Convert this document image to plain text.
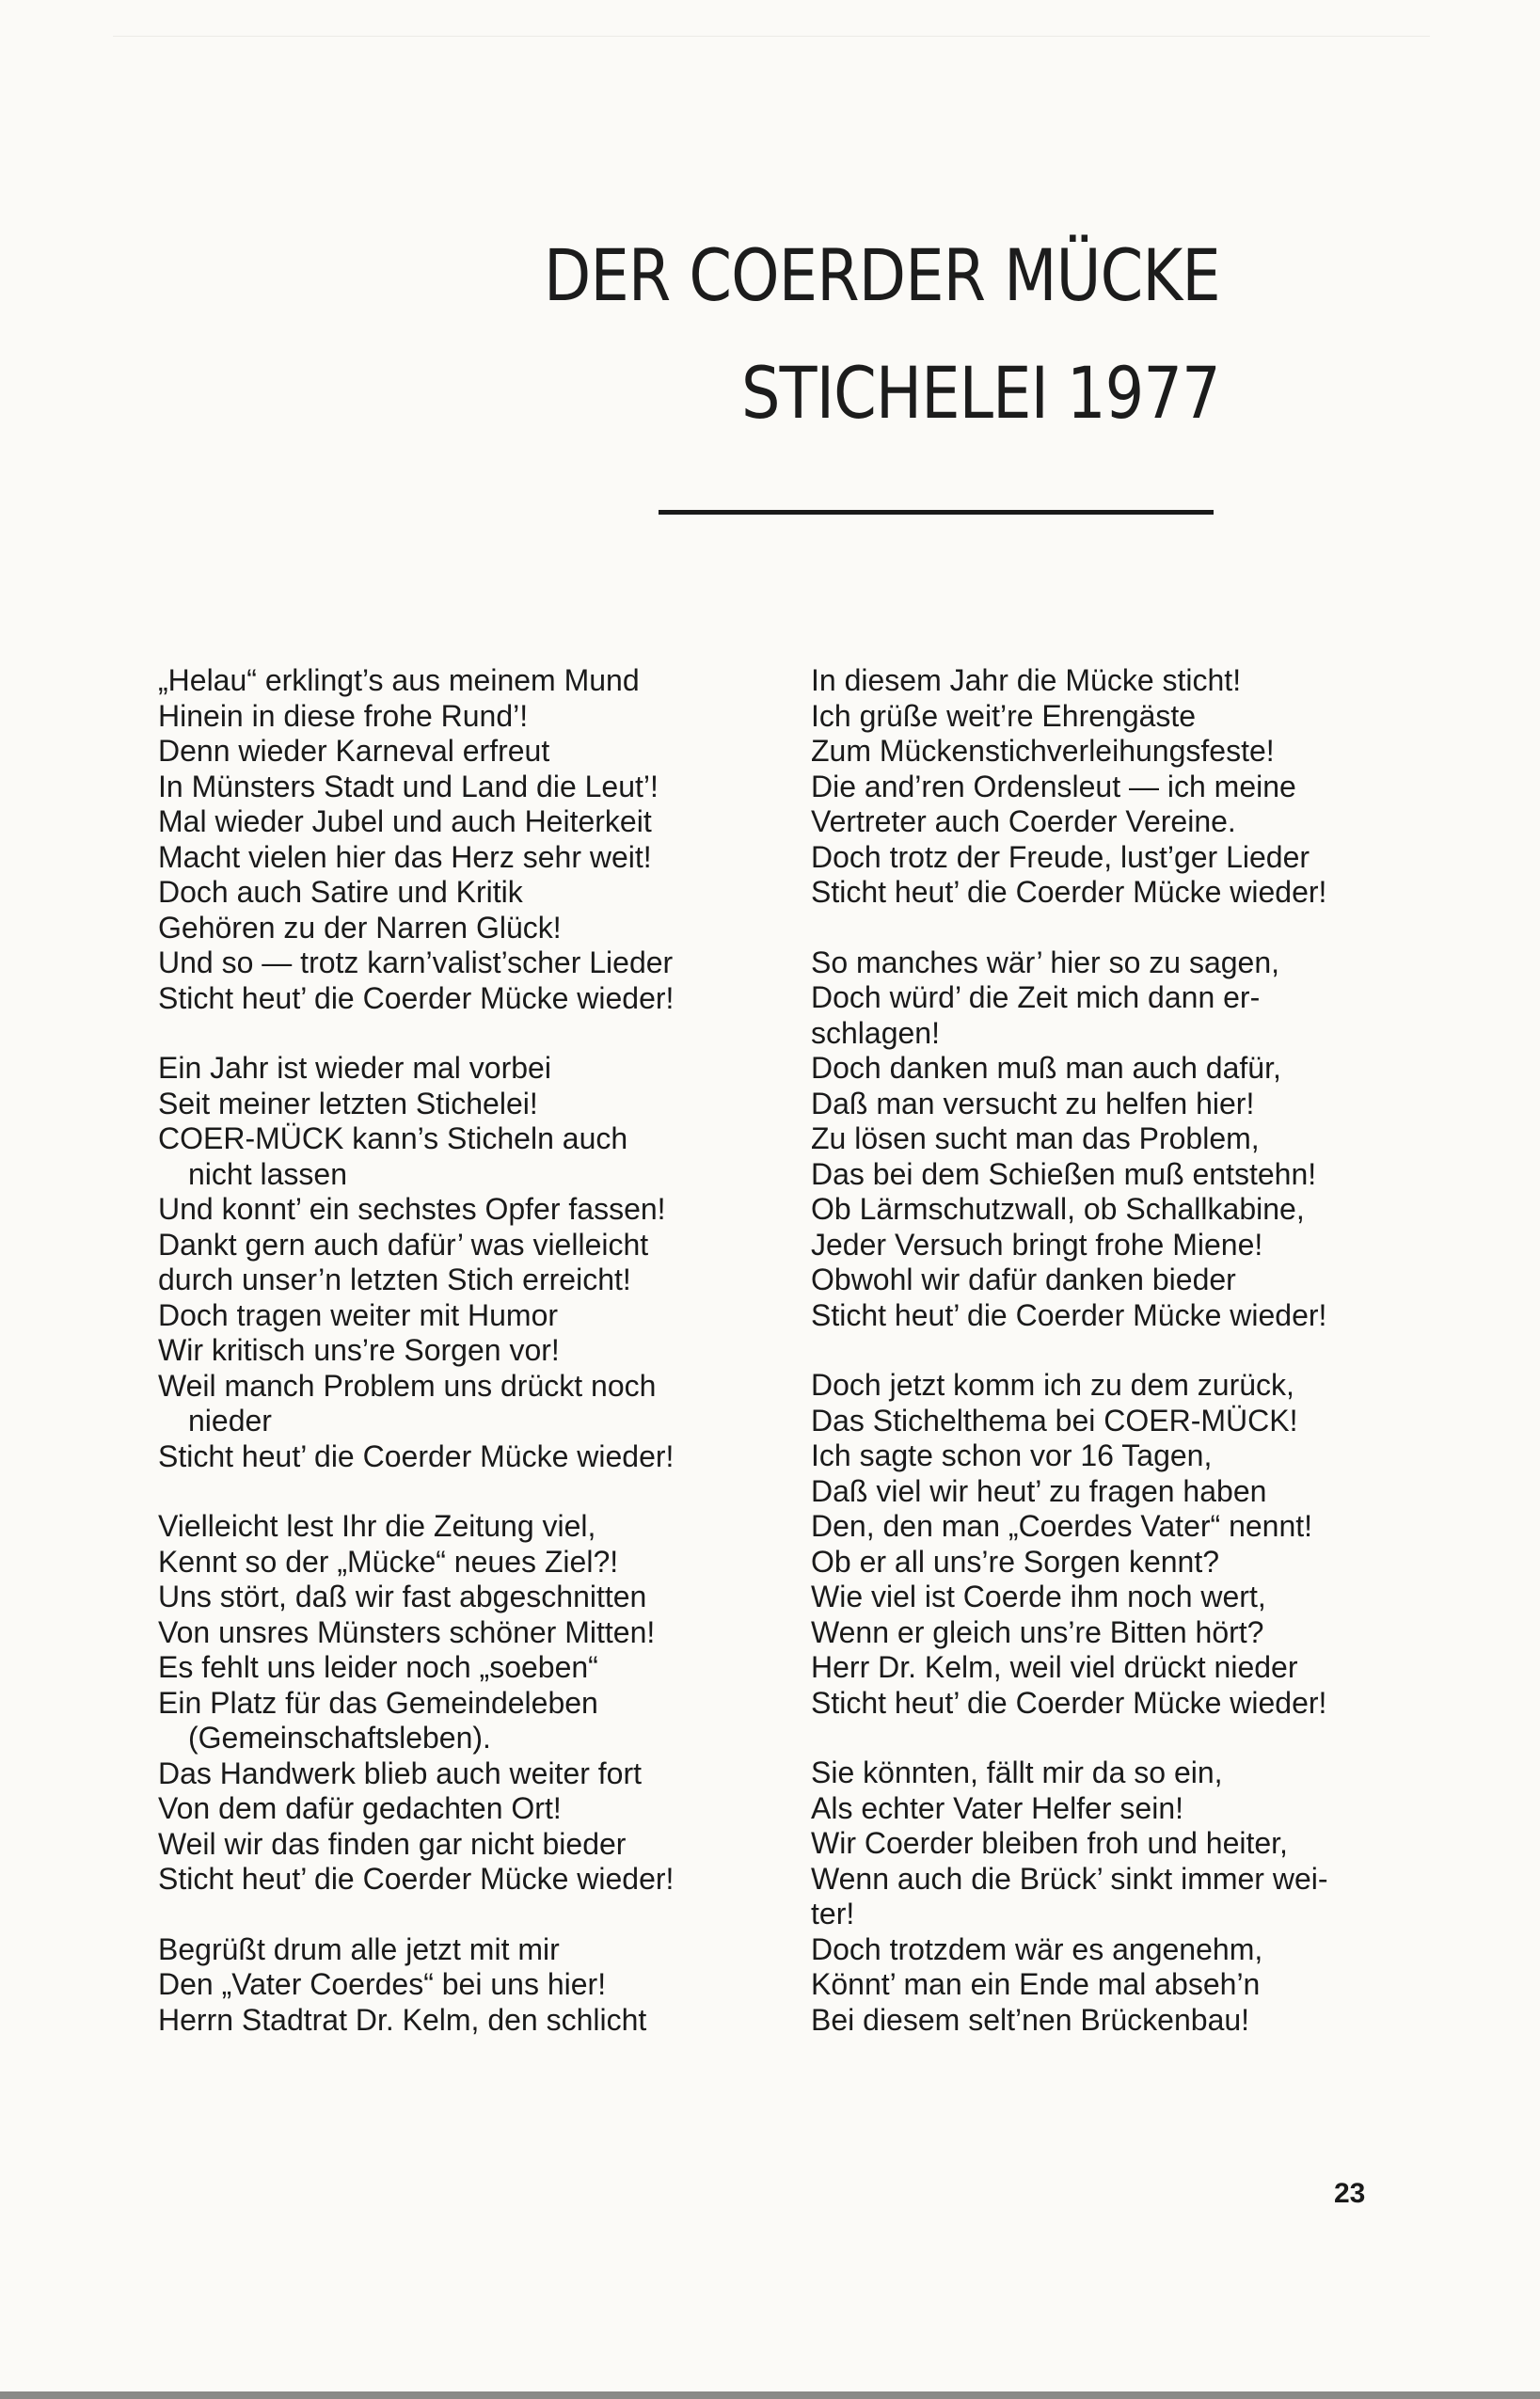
DER COERDER MÜCKE
STICHELEI 1977
„Helau“ erklingt’s aus meinem Mund
Hinein in diese frohe Rund’!
Denn wieder Karneval erfreut
In Münsters Stadt und Land die Leut’!
Mal wieder Jubel und auch Heiterkeit
Macht vielen hier das Herz sehr weit!
Doch auch Satire und Kritik
Gehören zu der Narren Glück!
Und so — trotz karn’valist’scher Lieder
Sticht heut’ die Coerder Mücke wieder!
Ein Jahr ist wieder mal vorbei
Seit meiner letzten Stichelei!
COER-MÜCK kann’s Sticheln auch
nicht lassen
Und konnt’ ein sechstes Opfer fassen!
Dankt gern auch dafür’ was vielleicht
durch unser’n letzten Stich erreicht!
Doch tragen weiter mit Humor
Wir kritisch uns’re Sorgen vor!
Weil manch Problem uns drückt noch
nieder
Sticht heut’ die Coerder Mücke wieder!
Vielleicht lest Ihr die Zeitung viel,
Kennt so der „Mücke“ neues Ziel?!
Uns stört, daß wir fast abgeschnitten
Von unsres Münsters schöner Mitten!
Es fehlt uns leider noch „soeben“
Ein Platz für das Gemeindeleben
(Gemeinschaftsleben).
Das Handwerk blieb auch weiter fort
Von dem dafür gedachten Ort!
Weil wir das finden gar nicht bieder
Sticht heut’ die Coerder Mücke wieder!
Begrüßt drum alle jetzt mit mir
Den „Vater Coerdes“ bei uns hier!
Herrn Stadtrat Dr. Kelm, den schlicht
In diesem Jahr die Mücke sticht!
Ich grüße weit’re Ehrengäste
Zum Mückenstichverleihungsfeste!
Die and’ren Ordensleut — ich meine
Vertreter auch Coerder Vereine.
Doch trotz der Freude, lust’ger Lieder
Sticht heut’ die Coerder Mücke wieder!
So manches wär’ hier so zu sagen,
Doch würd’ die Zeit mich dann er-
schlagen!
Doch danken muß man auch dafür,
Daß man versucht zu helfen hier!
Zu lösen sucht man das Problem,
Das bei dem Schießen muß entstehn!
Ob Lärmschutzwall, ob Schallkabine,
Jeder Versuch bringt frohe Miene!
Obwohl wir dafür danken bieder
Sticht heut’ die Coerder Mücke wieder!
Doch jetzt komm ich zu dem zurück,
Das Stichelthema bei COER-MÜCK!
Ich sagte schon vor 16 Tagen,
Daß viel wir heut’ zu fragen haben
Den, den man „Coerdes Vater“ nennt!
Ob er all uns’re Sorgen kennt?
Wie viel ist Coerde ihm noch wert,
Wenn er gleich uns’re Bitten hört?
Herr Dr. Kelm, weil viel drückt nieder
Sticht heut’ die Coerder Mücke wieder!
Sie könnten, fällt mir da so ein,
Als echter Vater Helfer sein!
Wir Coerder bleiben froh und heiter,
Wenn auch die Brück’ sinkt immer wei-
ter!
Doch trotzdem wär es angenehm,
Könnt’ man ein Ende mal abseh’n
Bei diesem selt’nen Brückenbau!
23
